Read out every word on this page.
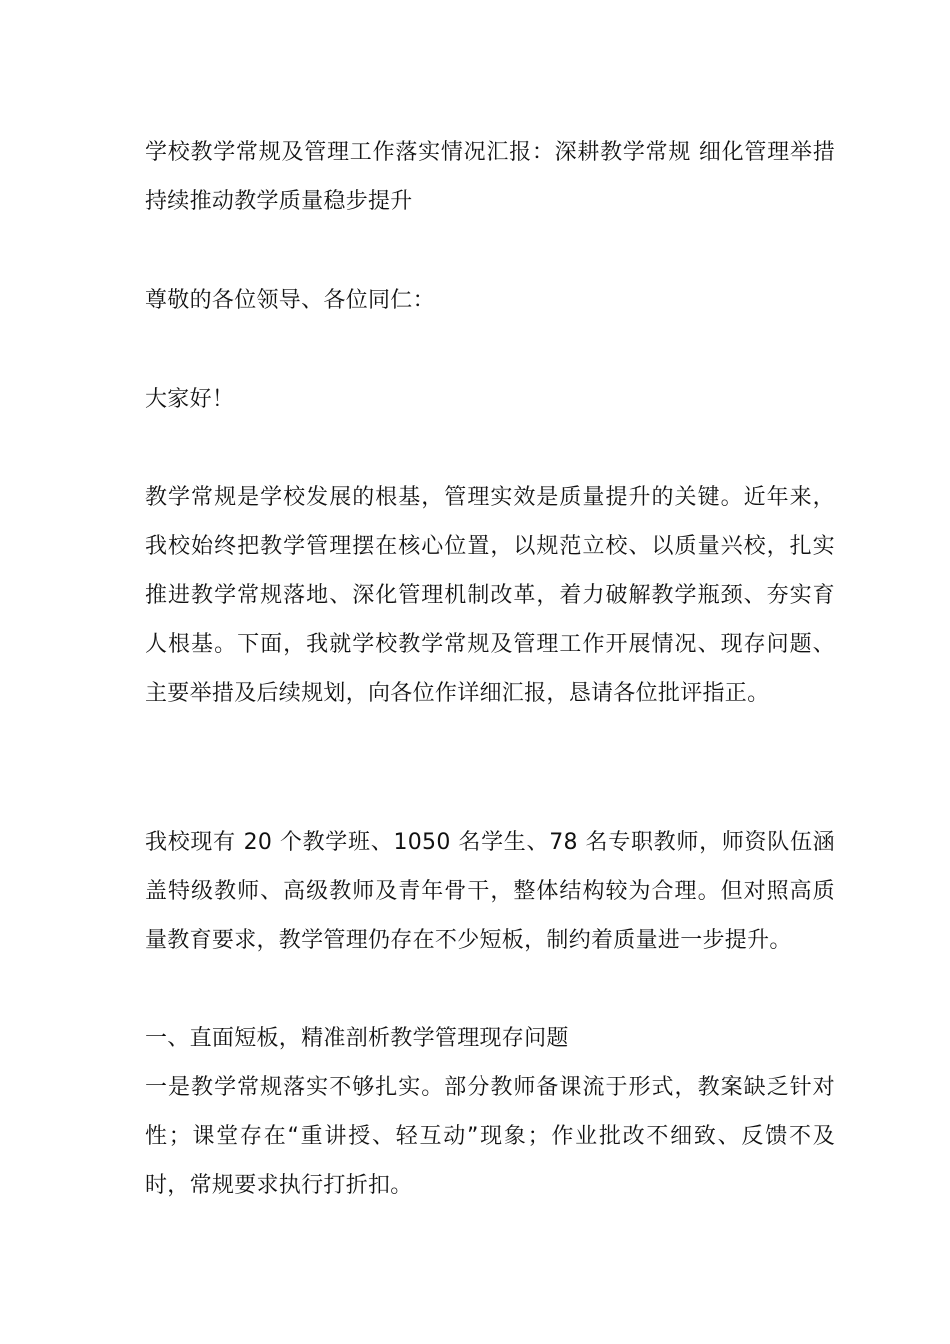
学校教学常规及管理工作落实情况汇报：深耕教学常规 细化管理举措 持续推动教学质量稳步提升

尊敬的各位领导、各位同仁：

大家好！

教学常规是学校发展的根基，管理实效是质量提升的关键。近年来，我校始终把教学管理摆在核心位置，以规范立校、以质量兴校，扎实推进教学常规落地、深化管理机制改革，着力破解教学瓶颈、夯实育人根基。下面，我就学校教学常规及管理工作开展情况、现存问题、主要举措及后续规划，向各位作详细汇报，恳请各位批评指正。

我校现有 20 个教学班、1050 名学生、78 名专职教师，师资队伍涵盖特级教师、高级教师及青年骨干，整体结构较为合理。但对照高质量教育要求，教学管理仍存在不少短板，制约着质量进一步提升。

一、直面短板，精准剖析教学管理现存问题

一是教学常规落实不够扎实。部分教师备课流于形式，教案缺乏针对性；课堂存在“重讲授、轻互动”现象；作业批改不细致、反馈不及时，常规要求执行打折扣。
